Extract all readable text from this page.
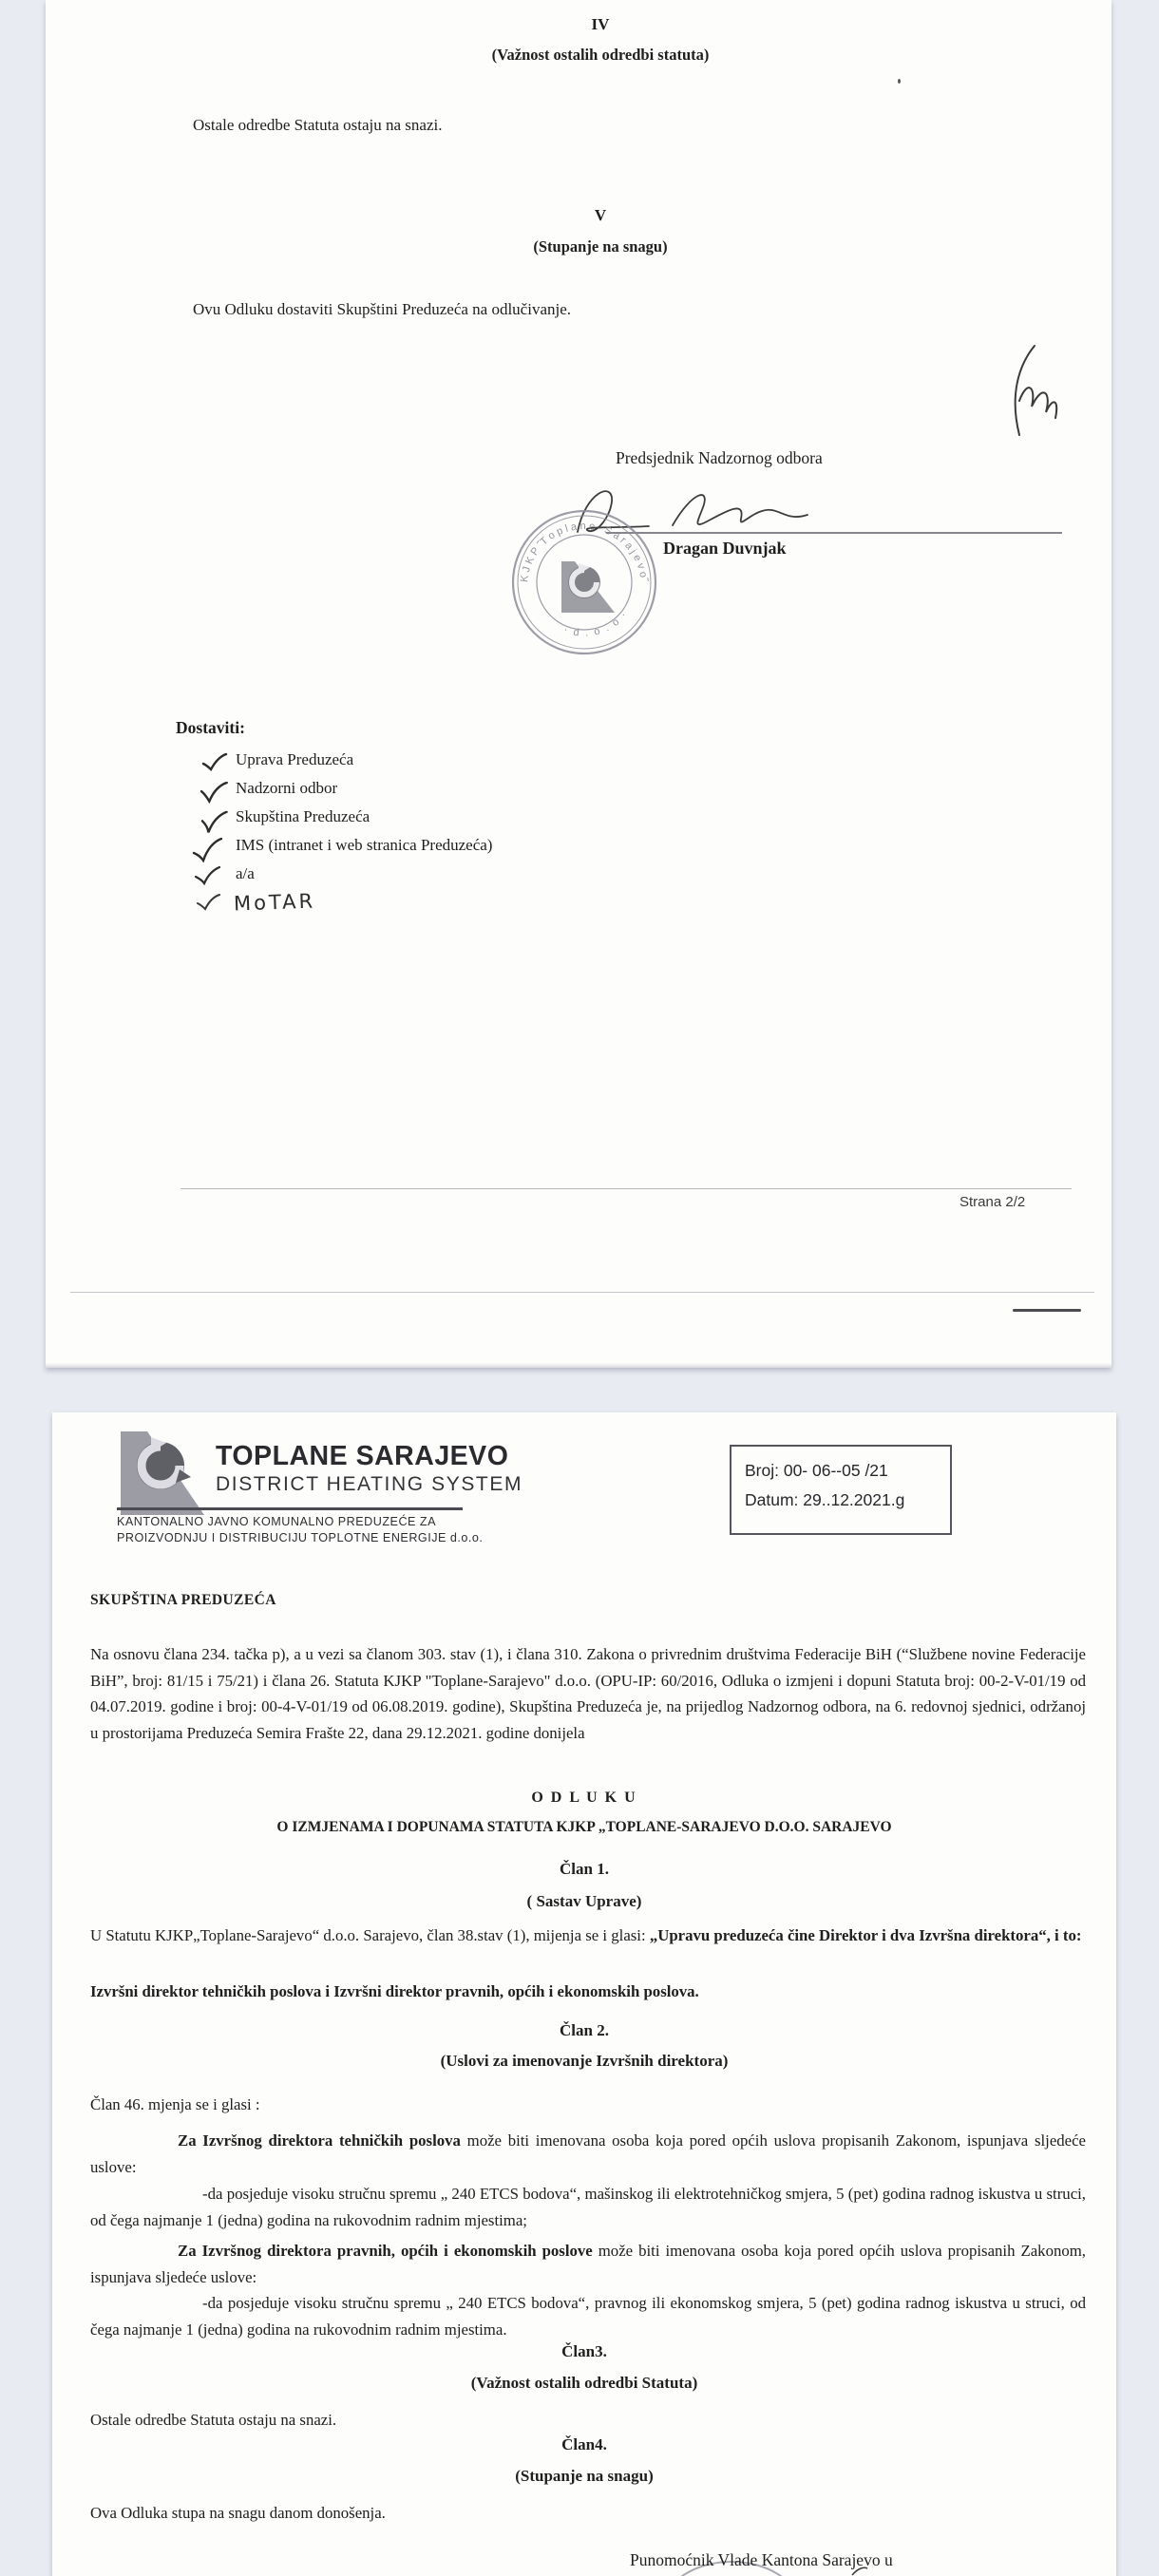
IV
(Važnost ostalih odredbi statuta)
Ostale odredbe Statuta ostaju na snazi.
V
(Stupanje na snagu)
Ovu Odluku dostaviti Skupštini Preduzeća na odlučivanje.
Predsjednik Nadzornog odbora
Dragan Duvnjak
K J K P ˝T o p l a n e · S a r a j e v o˝
· d . o . o ·
Dostaviti:
Uprava Preduzeća
Nadzorni odbor
Skupština Preduzeća
IMS (intranet i web stranica Preduzeća)
a/a
MoTAR
Strana 2/2
TOPLANE SARAJEVO
DISTRICT HEATING SYSTEM
KANTONALNO JAVNO KOMUNALNO PREDUZEĆE ZA
PROIZVODNJU I DISTRIBUCIJU TOPLOTNE ENERGIJE d.o.o.
Broj: 00- 06--05 /21
Datum: 29..12.2021.g
SKUPŠTINA PREDUZEĆA
Na osnovu člana 234. tačka p), a u vezi sa članom 303. stav (1), i člana 310. Zakona o privrednim društvima Federacije BiH (“Službene novine Federacije BiH”, broj: 81/15 i 75/21) i člana 26. Statuta KJKP "Toplane-Sarajevo" d.o.o. (OPU-IP: 60/2016, Odluka o izmjeni i dopuni Statuta broj: 00-2-V-01/19 od 04.07.2019. godine i broj: 00-4-V-01/19 od 06.08.2019. godine), Skupština Preduzeća je, na prijedlog Nadzornog odbora, na 6. redovnoj sjednici, održanoj u prostorijama Preduzeća Semira Frašte 22, dana 29.12.2021. godine donijela
O D L U K U
O IZMJENAMA I DOPUNAMA STATUTA KJKP „TOPLANE-SARAJEVO D.O.O. SARAJEVO
Član 1.
( Sastav Uprave)
U Statutu KJKP„Toplane-Sarajevo“ d.o.o. Sarajevo, član 38.stav (1), mijenja se i glasi: „Upravu preduzeća čine Direktor i dva Izvršna direktora“, i to:
Izvršni direktor tehničkih poslova i Izvršni direktor pravnih, općih i ekonomskih poslova.
Član 2.
(Uslovi za imenovanje Izvršnih direktora)
Član 46. mjenja se i glasi :
Za Izvršnog direktora tehničkih poslova može biti imenovana osoba koja pored općih uslova propisanih Zakonom, ispunjava sljedeće uslove:
-da posjeduje visoku stručnu spremu „ 240 ETCS bodova“, mašinskog ili elektrotehničkog smjera, 5 (pet) godina radnog iskustva u struci, od čega najmanje 1 (jedna) godina na rukovodnim radnim mjestima;
Za Izvršnog direktora pravnih, općih i ekonomskih poslove može biti imenovana osoba koja pored općih uslova propisanih Zakonom, ispunjava sljedeće uslove:
-da posjeduje visoku stručnu spremu „ 240 ETCS bodova“, pravnog ili ekonomskog smjera, 5 (pet) godina radnog iskustva u struci, od čega najmanje 1 (jedna) godina na rukovodnim radnim mjestima.
Član3.
(Važnost ostalih odredbi Statuta)
Ostale odredbe Statuta ostaju na snazi.
Član4.
(Stupanje na snagu)
Ova Odluka stupa na snagu danom donošenja.
Punomoćnik Vlade Kantona Sarajevo u
